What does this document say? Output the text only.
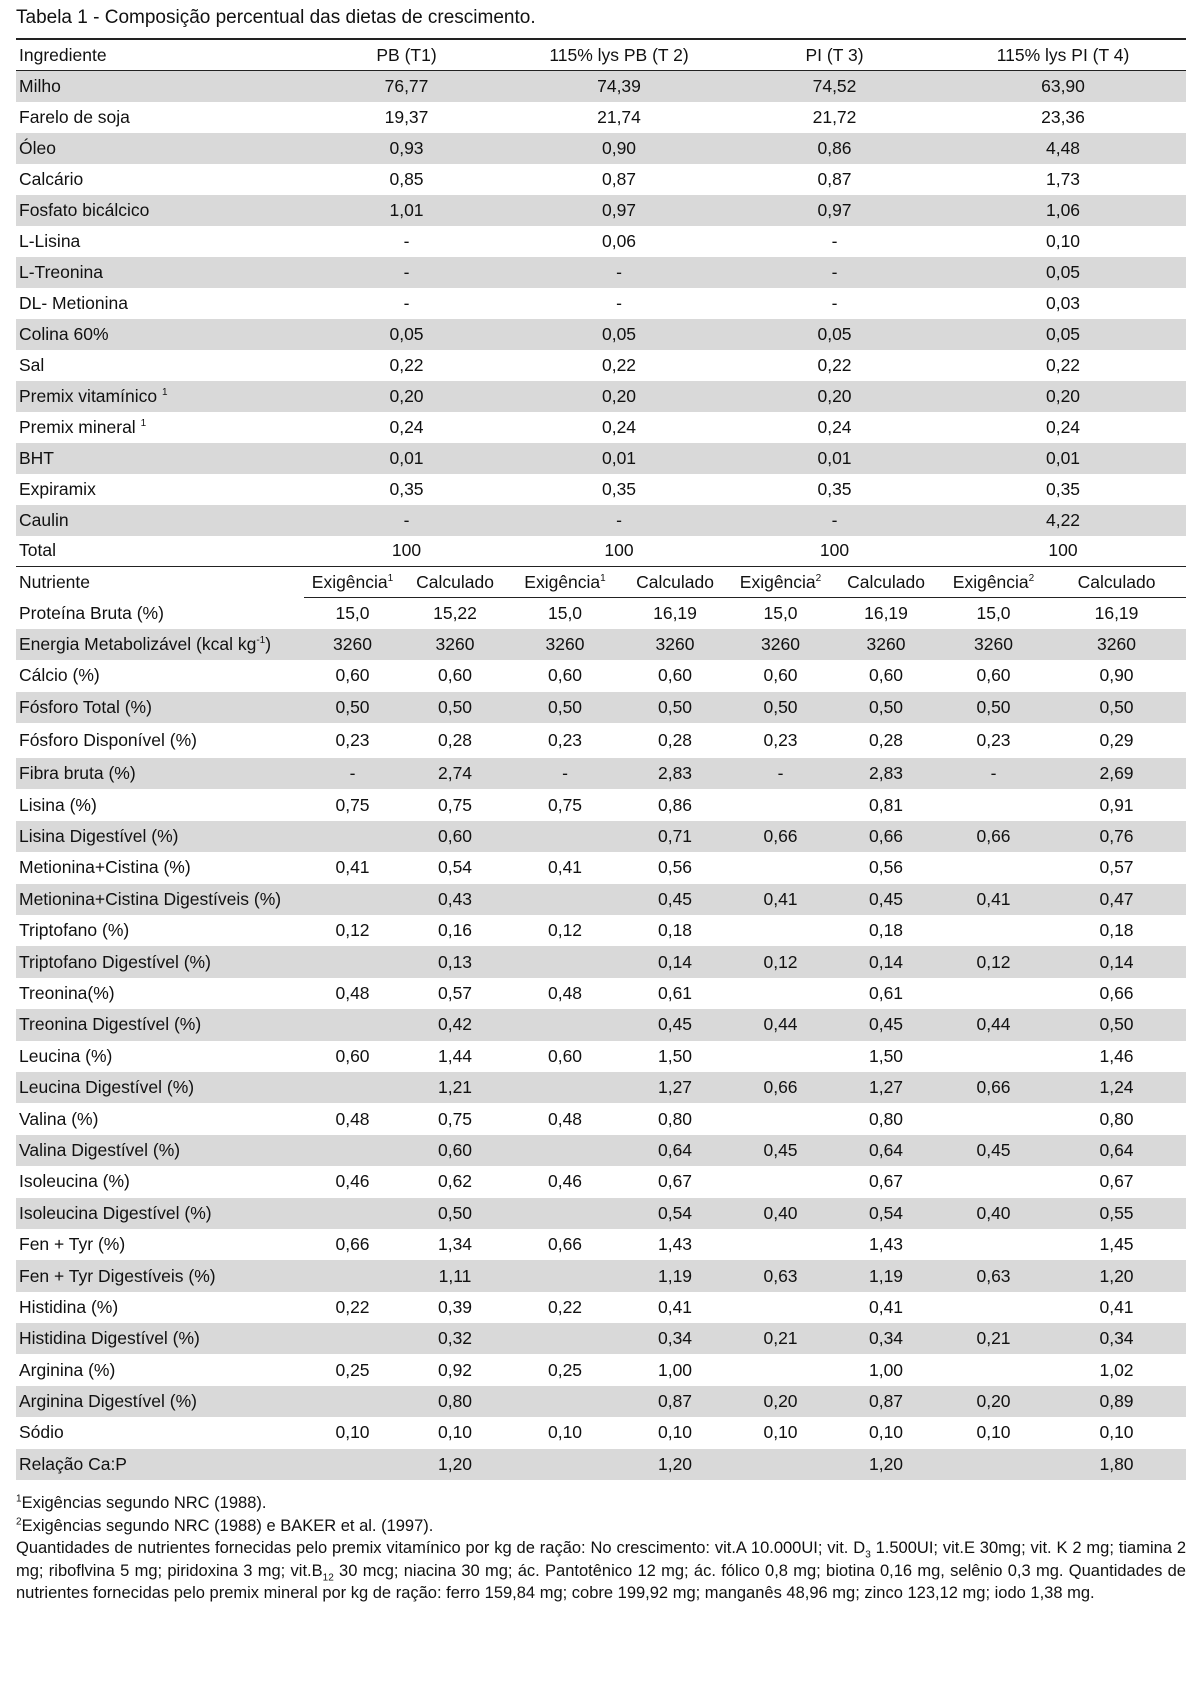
Tabela 1 - Composição percentual das dietas de crescimento.
Ingrediente	PB (T1)		115% lys PB (T 2)		PI (T 3)		115% lys PI (T 4)	
Milho	76,77		74,39		74,52		63,90	
Farelo de soja	19,37		21,74		21,72		23,36	
Óleo	0,93		0,90		0,86		4,48	
Calcário	0,85		0,87		0,87		1,73	
Fosfato bicálcico	1,01		0,97		0,97		1,06	
L-Lisina	-		0,06		-		0,10	
L-Treonina	-		-		-		0,05	
DL- Metionina	-		-		-		0,03	
Colina 60%	0,05		0,05		0,05		0,05	
Sal	0,22		0,22		0,22		0,22	
Premix vitamínico $^1$	0,20		0,20		0,20		0,20	
Premix mineral $^1$	0,24		0,24		0,24		0,24	
BHT	0,01		0,01		0,01		0,01	
Expiramix	0,35		0,35		0,35		0,35	
Caulin	-		-		-		4,22	
Total	100		100		100		100	
Nutriente	Exigência$^1$	Calculado	Exigência$^1$	Calculado	Exigência$^2$	Calculado	Exigência$^2$	Calculado
Proteína Bruta (%)	15,0	15,22	15,0	16,19	15,0	16,19	15,0	16,19
Energia Metabolizável (kcal $kg^{-1}$)	3260	3260	3260	3260	3260	3260	3260	3260
Cálcio (%)	0,60	0,60	0,60	0,60	0,60	0,60	0,60	0,90
Fósforo Total (%)	0,50	0,50	0,50	0,50	0,50	0,50	0,50	0,50
Fósforo Disponível (%)	0,23	0,28	0,23	0,28	0,23	0,28	0,23	0,29
Fibra bruta (%)	-	2,74	-	2,83	-	2,83	-	2,69
Lisina (%)	0,75	0,75	0,75	0,86		0,81		0,91
Lisina Digestível (%)		0,60		0,71	0,66	0,66	0,66	0,76
Metionina+Cistina (%)	0,41	0,54	0,41	0,56		0,56		0,57
Metionina+Cistina Digestíveis (%)		0,43		0,45	0,41	0,45	0,41	0,47
Triptofano (%)	0,12	0,16	0,12	0,18		0,18		0,18
Triptofano Digestível (%)		0,13		0,14	0,12	0,14	0,12	0,14
Treonina(%)	0,48	0,57	0,48	0,61		0,61		0,66
Treonina Digestível (%)		0,42		0,45	0,44	0,45	0,44	0,50
Leucina (%)	0,60	1,44	0,60	1,50		1,50		1,46
Leucina Digestível (%)		1,21		1,27	0,66	1,27	0,66	1,24
Valina (%)	0,48	0,75	0,48	0,80		0,80		0,80
Valina Digestível (%)		0,60		0,64	0,45	0,64	0,45	0,64
Isoleucina (%)	0,46	0,62	0,46	0,67		0,67		0,67
Isoleucina Digestível (%)		0,50		0,54	0,40	0,54	0,40	0,55
Fen + Tyr (%)	0,66	1,34	0,66	1,43		1,43		1,45
Fen + Tyr Digestíveis (%)		1,11		1,19	0,63	1,19	0,63	1,20
Histidina (%)	0,22	0,39	0,22	0,41		0,41		0,41
Histidina Digestível (%)		0,32		0,34	0,21	0,34	0,21	0,34
Arginina (%)	0,25	0,92	0,25	1,00		1,00		1,02
Arginina Digestível (%)		0,80		0,87	0,20	0,87	0,20	0,89
Sódio	0,10	0,10	0,10	0,10	0,10	0,10	0,10	0,10
Relação Ca:P		1,20		1,20		1,20		1,80

$^1$Exigências segundo NRC (1988).

$^2$Exigências segundo NRC (1988) e BAKER et al. (1997).

Quantidades de nutrientes fornecidas pelo premix vitamínico por kg de ração: No crescimento: vit.A 10.000UI; vit. $D_3$ 1.500UI; vit.E 30mg; vit. K 2 mg; tiamina 2 mg; riboflvina 5 mg; piridoxina 3 mg; $vit.B_{12}$ 30 mcg; niacina 30 mg; ác. Pantotênico 12 mg; ác. fólico 0,8 mg; biotina 0,16 mg, selênio 0,3 mg. Quantidades de nutrientes fornecidas pelo premix mineral por kg de ração: ferro 159,84 mg; cobre 199,92 mg; manganês 48,96 mg; zinco 123,12 mg; iodo 1,38 mg.
